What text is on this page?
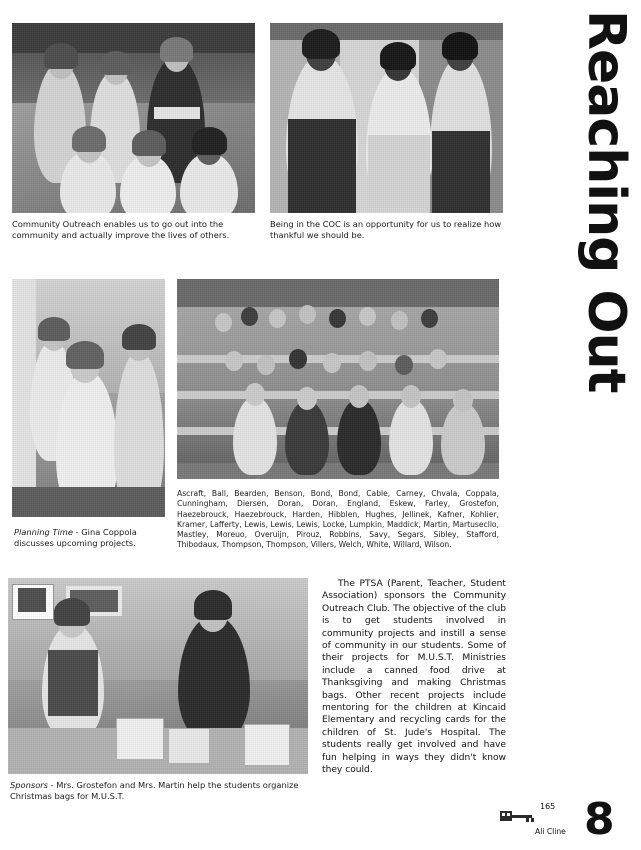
Community Outreach enables us to go out into the community and actually improve the lives of others.
Being in the COC is an opportunity for us to realize how thankful we should be.	Reaching Out
Planning Time - Gina Coppola discusses upcoming projects.
Ascraft, Ball, Bearden, Benson, Bond, Bond, Cable, Carney, Chvala, Coppala, Cunningham, Diersen, Doran, Doran, England, Eskew, Farley, Grostefon, Haezebrouck, Haezebrouck, Harden, Hibblen, Hughes, Jellinek, Kafner, Kohlier, Kramer, Lafferty, Lewis, Lewis, Lewis, Locke, Lumpkin, Maddick, Martin, Martusecllo, Mastley, Moreuo, Overuijn, Pirouz, Robbins, Savy, Segars, Sibley, Stafford, Thibodaux, Thompson, Thompson, Villers, Welch, White, Willard, Wilson.
Sponsors - Mrs. Grostefon and Mrs. Martin help the students organize Christmas bags for M.U.S.T.
The PTSA (Parent, Teacher, Student Association) sponsors the Community Outreach Club. The objective of the club is to get students involved in community projects and instill a sense of community in our students. Some of their projects for M.U.S.T. Ministries include a canned food drive at Thanksgiving and making Christmas bags. Other recent projects include mentoring for the children at Kincaid Elementary and recycling cards for the children of St. Jude's Hospital. The students really get involved and have fun helping in ways they didn't know they could.
165
Ali Cline 8
